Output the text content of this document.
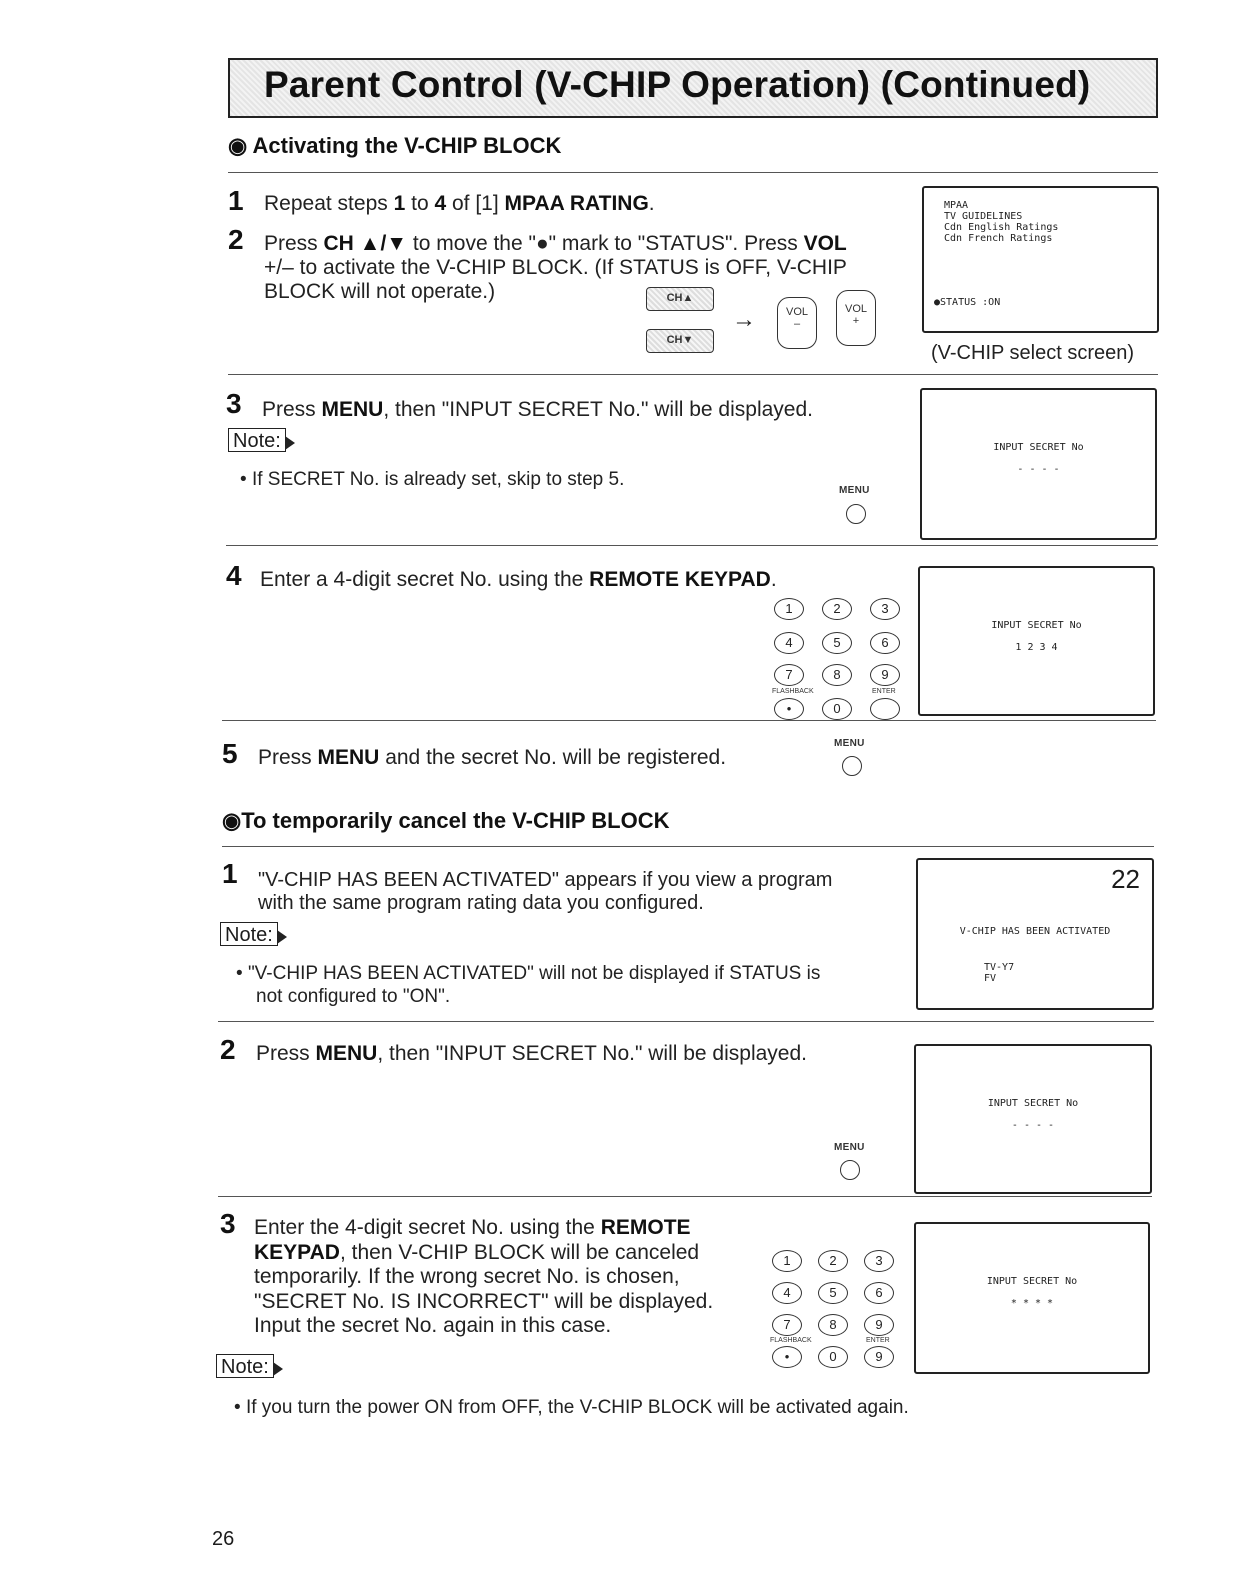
Parent Control (V-CHIP Operation) (Continued)
◉ Activating the V-CHIP BLOCK
1 Repeat steps 1 to 4 of [1] MPAA RATING.
2 Press CH ▲/▼ to move the "●" mark to "STATUS". Press VOL
+/– to activate the V-CHIP BLOCK. (If STATUS is OFF, V-CHIP
BLOCK will not operate.)	CH▲
CH▼
→	VOL
–
VOL
+
MPAA
TV GUIDELINES
Cdn English Ratings
Cdn French Ratings
●STATUS :ON
(V-CHIP select screen)
3 Press MENU, then "INPUT SECRET No." will be displayed.
Note:
• If SECRET No. is already set, skip to step 5.
MENU
INPUT SECRET No
- - - -
4 Enter a 4-digit secret No. using the REMOTE KEYPAD.
1	2	3
4	5	6
7	8	9
FLASHBACK	ENTER
•	0
INPUT SECRET No
1 2 3 4
5 Press MENU and the secret No. will be registered.
MENU
◉To temporarily cancel the V-CHIP BLOCK
1 "V-CHIP HAS BEEN ACTIVATED" appears if you view a program
with the same program rating data you configured.
Note:
• "V-CHIP HAS BEEN ACTIVATED" will not be displayed if STATUS is
not configured to "ON".
22
V-CHIP HAS BEEN ACTIVATED
TV-Y7
FV
2 Press MENU, then "INPUT SECRET No." will be displayed.
MENU
INPUT SECRET No
- - - -
3 Enter the 4-digit secret No. using the REMOTE
KEYPAD, then V-CHIP BLOCK will be canceled
temporarily. If the wrong secret No. is chosen,
"SECRET No. IS INCORRECT" will be displayed.
Input the secret No. again in this case.
Note:
1	2	3
4	5	6
7	8	9
FLASHBACK	ENTER
•	0	9
INPUT SECRET No
* * * *
• If you turn the power ON from OFF, the V-CHIP BLOCK will be activated again.
26
